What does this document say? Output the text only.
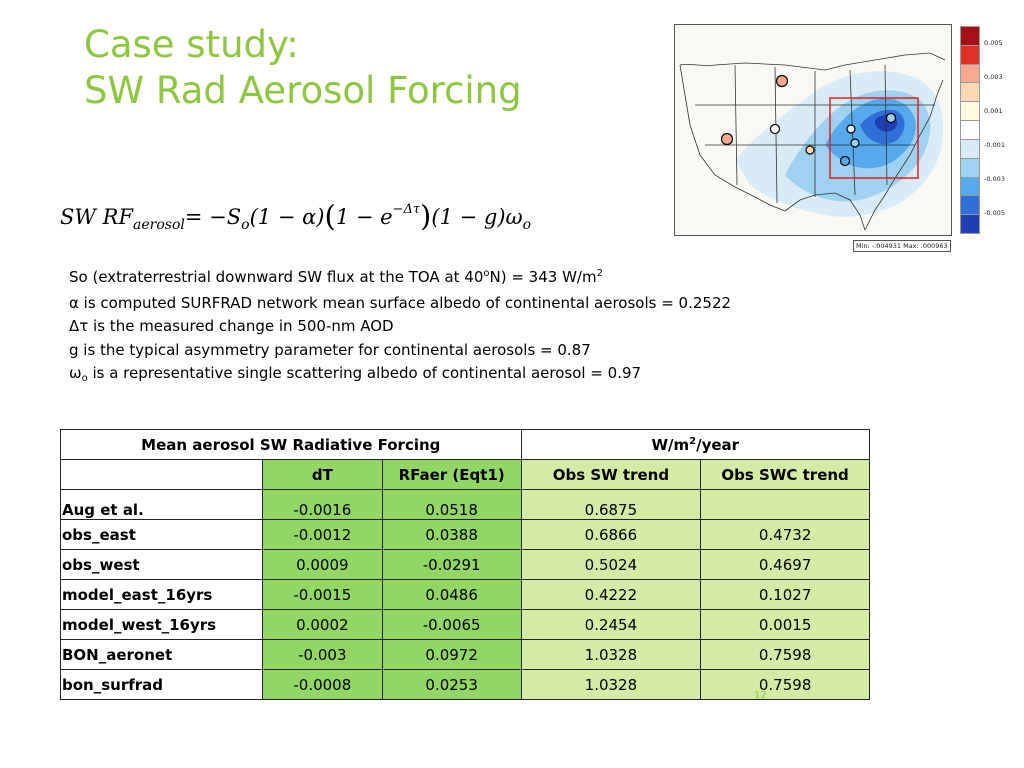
Case study:
SW Rad Aerosol Forcing
0.005
0.003
0.001
-0.001
-0.003
-0.005
Min: -.004931 Max: .000963
SW $RF_{aerosol}= -S_o(1 - \alpha)(1 - e^{-\Delta\tau})(1 - g)\omega_o$
So (extraterrestrial downward SW flux at the TOA at $40^oN) = 343$ $W/m^2$
α is computed SURFRAD network mean surface albedo of continental aerosols = 0.2522
Δτ is the measured change in 500-nm AOD
g is the typical asymmetry parameter for continental aerosols = 0.87
$\omega_o$ is a representative single scattering albedo of continental aerosol = 0.97
Mean aerosol SW Radiative Forcing			$W/m^2$/year	
	dT	RFaer (Eqt1)	Obs SW trend	Obs SWC trend
Aug et al.	-0.0016	0.0518	0.6875	
obs_east	-0.0012	0.0388	0.6866	0.4732
obs_west	0.0009	-0.0291	0.5024	0.4697
model_east_16yrs	-0.0015	0.0486	0.4222	0.1027
model_west_16yrs	0.0002	-0.0065	0.2454	0.0015
BON_aeronet	-0.003	0.0972	1.0328	0.7598
bon_surfrad	-0.0008	0.0253	1.0328	0.7598
12
